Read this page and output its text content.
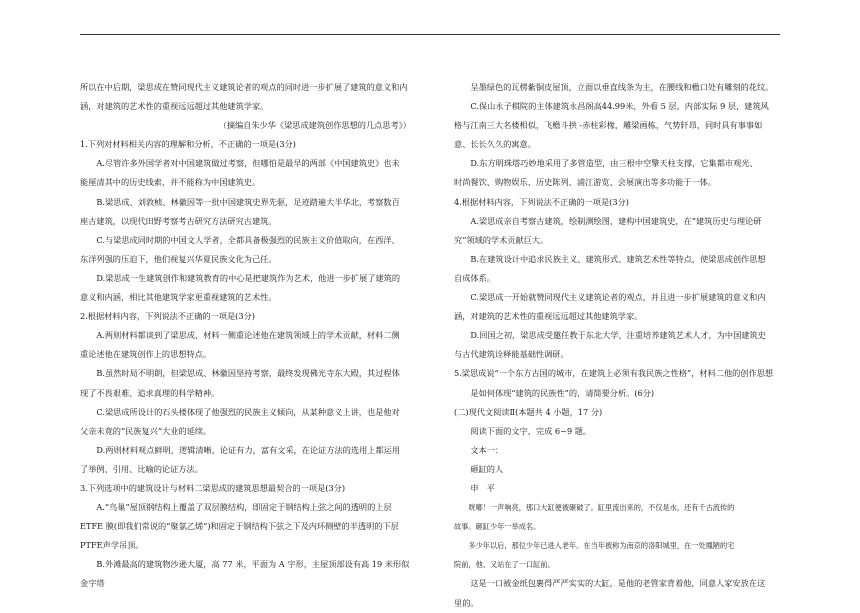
所以在中后期，梁思成在赞同现代主义建筑论者的观点的同时进一步扩展了建筑的意义和内

涵，对建筑的艺术性的重视远远超过其他建筑学家。

（摘编自朱少华《梁思成建筑创作思想的几点思考》）

1.下列对材料相关内容的理解和分析，不正确的一项是(3分)

A.尽管许多外国学者对中国建筑做过考察，但哪怕是最早的两部《中国建筑史》也未

能厘清其中的历史线索，并不能称为中国建筑史。

B.梁思成、刘敦桢、林徽因等一批中国建筑史界先驱，足迹踏遍大半华北，考察数百

座古建筑，以现代田野考察考古研究方法研究古建筑。

C.与梁思成同时期的中国文人学者，全都具备极强烈的民族主义价值取向，在西洋、

东洋列强的压迫下，他们视复兴华夏民族文化为己任。

D.梁思成一生建筑创作和建筑教育的中心是把建筑作为艺术，他进一步扩展了建筑的

意义和内涵，相比其他建筑学家更重视建筑的艺术性。

2.根据材料内容，下列说法不正确的一项是(3分)

A.两则材料都谈到了梁思成，材料一侧重论述他在建筑领域上的学术贡献，材料二侧

重论述他在建筑创作上的思想特点。

B.虽然时局不明朗，但梁思成、林徽因坚持考察，最终发现佛光寺东大殿，其过程体

现了不畏艰难、追求真理的科学精神。

C.梁思成所设计的石头楼体现了他强烈的民族主义倾向，从某种意义上讲，也是他对

父亲未竟的“民族复兴”大业的延续。

D.两则材料观点鲜明，逻辑清晰，论证有力，富有文采，在论证方法的选用上都运用

了举例、引用、比喻的论证方法。

3.下列选项中的建筑设计与材料二梁思成的建筑思想最契合的一项是(3分)

A.“鸟巢”屋顶钢结构上覆盖了双层膜结构，即固定于钢结构上弦之间的透明的上层

ETFE 膜(即我们常说的“聚氯乙烯”)和固定于钢结构下弦之下及内环侧壁的半透明的下层

PTFE声学吊顶。

B.外滩最高的建筑物沙逊大厦，高 77 米，平面为 A 字形，主屋顶部设有高 19 米形似

金字塔

呈墨绿色的瓦楞紫铜皮屋顶，立面以垂直线条为主，在腰线和檐口处有雕刻的花纹。

C.保山永子棋院的主体建筑永昌阁高44.99米，外看 5 层，内部实际 9 层，建筑风

格与江南三大名楼相似，飞檐斗拱 -赤柱彩椽，雕梁画栋，气势轩昂，同时具有事事如

意、长长久久的寓意。

D.东方明珠塔巧妙地采用了多管造型，由三根中空擎天柱支撑，它集都市观光、

时尚餐饮、购物娱乐、历史陈列、浦江游览、会展演出等多功能于一体。

4.根据材料内容，下列说法不正确的一项是(3分)

A.梁思成亲自考察古建筑，绘制测绘图，建构中国建筑史，在“建筑历史与理论研

究”领域的学术贡献巨大。

B.在建筑设计中追求民族主义、建筑形式、建筑艺术性等特点，使梁思成创作思想

自成体系。

C.梁思成一开始就赞同现代主义建筑论者的观点，并且进一步扩展建筑的意义和内

涵，对建筑的艺术性的重视远远超过其他建筑学家。

D.回国之初，梁思成受邀任教于东北大学，注重培养建筑艺术人才，为中国建筑史

与古代建筑诠释能基础性调研。

5.梁思成说“一个东方古国的城市，在建筑上必须有我民族之性格”，材料二他的创作思想

是如何体现“建筑的民族性”的，请简要分析。(6分)

(二)现代文阅读Ⅱ(本题共 4 小题，17 分)

阅读下面的文字，完成 6~9 题。

文本一：

砸缸的人

申　平

咣啷！一声响亮，那口大缸便被砸破了。缸里流出来的，不仅是水，还有千古流传的

故事。砸缸少年一举成名。

多少年以后，那位少年已进入老年。在当年被称为南京的洛阳城里，在一处鳳陋的宅

院前，他、又站在了一口缸前。

这是一口被金纸包裹得严严实实的大缸，是他的老管家背着他，同意人家安放在这

里的。
